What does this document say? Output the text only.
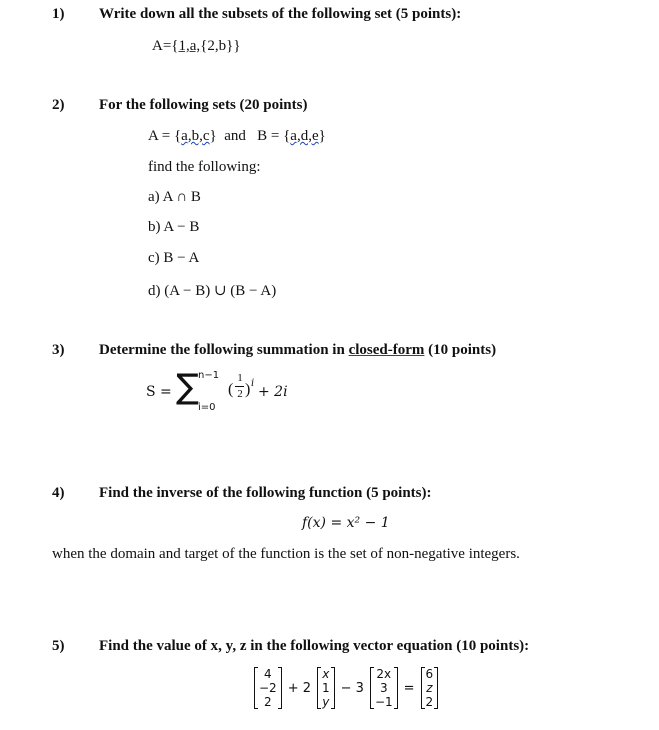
1) Write down all the subsets of the following set (5 points):
A={1,a,{2,b}}
2) For the following sets (20 points)
A = {a,b,c} and B = {a,d,e}
find the following:
a) A ∩ B
b) A − B
c) B − A
d) (A − B) ∪ (B − A)
3) Determine the following summation in closed-form (10 points)
S = ∑ n−1
i=0
(
1
2 ) i
+ 2i
4) Find the inverse of the following function (5 points):
f(x) = x² − 1
when the domain and target of the function is the set of non-negative integers.
5) Find the value of x, y, z in the following vector equation (10 points):
4
−2
2
+ 2
x
1
y
− 3
2x
3
−1
=
6
z
2
